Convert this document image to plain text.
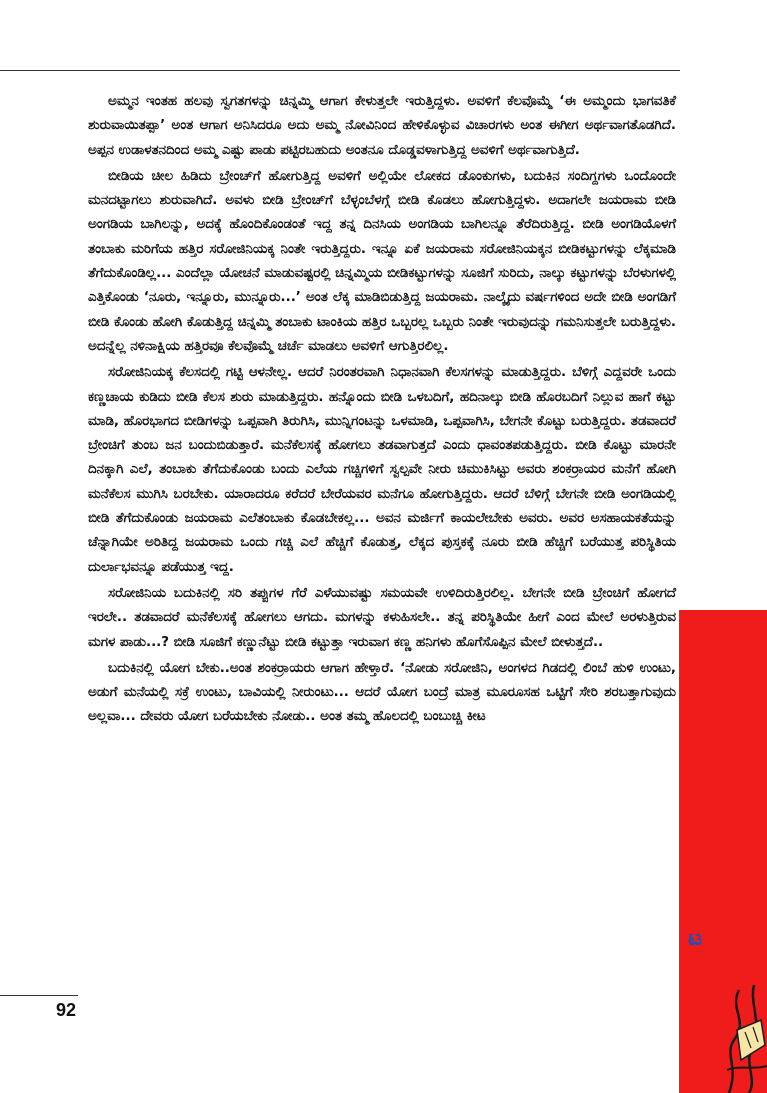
ಅಮ್ಮನ ಇಂತಹ ಹಲವು ಸ್ವಗತಗಳನ್ನು ಚಿನ್ನಮ್ಮಿ ಆಗಾಗ ಕೇಳುತ್ತಲೇ ಇರುತ್ತಿದ್ದಳು. ಅವಳಿಗೆ ಕೆಲವೊಮ್ಮೆ ‘ಈ ಅಮ್ಮಂದು ಭಾಗವತಿಕೆ ಶುರುವಾಯಿತಪ್ಪಾ’ ಅಂತ ಆಗಾಗ ಅನಿಸಿದರೂ ಅದು ಅಮ್ಮ ನೋವಿನಿಂದ ಹೇಳಿಕೊಳ್ಳುವ ವಿಚಾರಗಳು ಅಂತ ಈಗೀಗ ಅರ್ಥವಾಗತೊಡಗಿದೆ. ಅಪ್ಪನ ಉಡಾಳತನದಿಂದ ಅಮ್ಮ ಎಷ್ಟು ಪಾಡು ಪಟ್ಟಿರಬಹುದು ಅಂತನೂ ದೊಡ್ಡವಳಾಗುತ್ತಿದ್ದ ಅವಳಿಗೆ ಅರ್ಥವಾಗುತ್ತಿದೆ.

ಬೀಡಿಯ ಚೀಲ ಹಿಡಿದು ಬ್ರೇಂಚ್‌ಗೆ ಹೋಗುತ್ತಿದ್ದ ಅವಳಿಗೆ ಅಲ್ಲಿಯೇ ಲೋಕದ ಡೊಂಕುಗಳು, ಬದುಕಿನ ಸಂದಿಗ್ದಗಳು ಒಂದೊಂದೇ ಮನದಟ್ಟಾಗಲು ಶುರುವಾಗಿದೆ. ಅವಳು ಬೀಡಿ ಬ್ರೇಂಚ್‌ಗೆ ಬೆಳ್ಳಂಬೆಳಗ್ಗೆ ಬೀಡಿ ಕೊಡಲು ಹೋಗುತ್ತಿದ್ದಳು. ಅದಾಗಲೇ ಜಯರಾಮ ಬೀಡಿ ಅಂಗಡಿಯ ಬಾಗಿಲನ್ನು, ಅದಕ್ಕೆ ಹೊಂದಿಕೊಂಡಂತೆ ಇದ್ದ ತನ್ನ ದಿನಸಿಯ ಅಂಗಡಿಯ ಬಾಗಿಲನ್ನೂ ತೆರೆದಿರುತ್ತಿದ್ದ. ಬೀಡಿ ಅಂಗಡಿಯೊಳಗೆ ತಂಬಾಕು ಮರಿಗೆಯ ಹತ್ತಿರ ಸರೋಜಿನಿಯಕ್ಕ ನಿಂತೇ ಇರುತ್ತಿದ್ದರು. ಇನ್ನೂ ಏಕೆ ಜಯರಾಮ ಸರೋಜಿನಿಯಕ್ಕನ ಬೀಡಿಕಟ್ಟುಗಳನ್ನು ಲೆಕ್ಕಮಾಡಿ ತೆಗೆದುಕೊಂಡಿಲ್ಲ... ಎಂದೆಲ್ಲಾ ಯೋಚನೆ ಮಾಡುವಷ್ಟರಲ್ಲಿ ಚಿನ್ನಮ್ಮಿಯ ಬೀಡಿಕಟ್ಟುಗಳನ್ನು ಸೂಜಿಗೆ ಸುರಿದು, ನಾಲ್ಕು ಕಟ್ಟುಗಳನ್ನು ಬೆರಳುಗಳಲ್ಲಿ ಎತ್ತಿಕೊಂಡು ‘ನೂರು, ಇನ್ನೂರು, ಮುನ್ನೂರು...’ ಅಂತ ಲೆಕ್ಕ ಮಾಡಿಬಿಡುತ್ತಿದ್ದ ಜಯರಾಮ. ನಾಲ್ಕೈದು ವರ್ಷಗಳಿಂದ ಅದೇ ಬೀಡಿ ಅಂಗಡಿಗೆ ಬೀಡಿ ಕೊಂಡು ಹೋಗಿ ಕೊಡುತ್ತಿದ್ದ ಚಿನ್ನಮ್ಮಿ ತಂಬಾಕು ಟಾಂಕಿಯ ಹತ್ತಿರ ಒಬ್ಬರಲ್ಲ ಒಬ್ಬರು ನಿಂತೇ ಇರುವುದನ್ನು ಗಮನಿಸುತ್ತಲೇ ಬರುತ್ತಿದ್ದಳು. ಅದನ್ನೆಲ್ಲ ನಳಿನಾಕ್ಷಿಯ ಹತ್ತಿರವೂ ಕೆಲವೊಮ್ಮೆ ಚರ್ಚೆ ಮಾಡಲು ಅವಳಿಗೆ ಆಗುತ್ತಿರಲಿಲ್ಲ.

ಸರೋಜಿನಿಯಕ್ಕ ಕೆಲಸದಲ್ಲಿ ಗಟ್ಟಿ ಆಳನೇಲ್ಲ. ಆದರೆ ನಿರಂತರವಾಗಿ ನಿಧಾನವಾಗಿ ಕೆಲಸಗಳನ್ನು ಮಾಡುತ್ತಿದ್ದರು. ಬೆಳಿಗ್ಗೆ ಎದ್ದವರೇ ಒಂದು ಕಣ್ಣಚಾಯ ಕುಡಿದು ಬೀಡಿ ಕೆಲಸ ಶುರು ಮಾಡುತ್ತಿದ್ದರು. ಹನ್ನೊಂದು ಬೀಡಿ ಒಳಬದಿಗೆ, ಹದಿನಾಲ್ಕು ಬೀಡಿ ಹೊರಬದಿಗೆ ನಿಲ್ಲುವ ಹಾಗೆ ಕಟ್ಟು ಮಾಡಿ, ಹೊರಭಾಗದ ಬೀಡಿಗಳನ್ನು ಒಪ್ಪವಾಗಿ ತಿರುಗಿಸಿ, ಮುನ್ನಿಗಂಟನ್ನು ಒಳಮಾಡಿ, ಒಪ್ಪವಾಗಿಸಿ, ಬೇಗನೇ ಕೊಟ್ಟು ಬರುತ್ತಿದ್ದರು. ತಡವಾದರೆ ಬ್ರೇಂಚಿಗೆ ತುಂಬ ಜನ ಬಂದುಬಿಡುತ್ತಾರೆ. ಮನೆಕೆಲಸಕ್ಕೆ ಹೋಗಲು ತಡವಾಗುತ್ತದೆ ಎಂದು ಧಾವಂತಪಡುತ್ತಿದ್ದರು. ಬೀಡಿ ಕೊಟ್ಟು ಮಾರನೇ ದಿನಕ್ಕಾಗಿ ಎಲೆ, ತಂಬಾಕು ತೆಗೆದುಕೊಂಡು ಬಂದು ಎಲೆಯ ಗಚ್ಚಿಗಳಿಗೆ ಸ್ವಲ್ಪವೇ ನೀರು ಚಿಮುಕಿಸಿಟ್ಟು ಅವರು ಶಂಕರ್ರಾಯರ ಮನೆಗೆ ಹೋಗಿ ಮನೆಕೆಲಸ ಮುಗಿಸಿ ಬರಬೇಕು. ಯಾರಾದರೂ ಕರೆದರೆ ಬೇರೆಯವರ ಮನೆಗೂ ಹೋಗುತ್ತಿದ್ದರು. ಆದರೆ ಬೆಳಿಗ್ಗೆ ಬೇಗನೇ ಬೀಡಿ ಅಂಗಡಿಯಲ್ಲಿ ಬೀಡಿ ತೆಗೆದುಕೊಂಡು ಜಯರಾಮ ಎಲೆತಂಬಾಕು ಕೊಡಬೇಕಲ್ಲ... ಅವನ ಮರ್ಜಿಗೆ ಕಾಯಲೇಬೇಕು ಅವರು. ಅವರ ಅಸಹಾಯಕತೆಯನ್ನು ಚೆನ್ನಾಗಿಯೇ ಅರಿತಿದ್ದ ಜಯರಾಮ ಒಂದು ಗಚ್ಚಿ ಎಲೆ ಹೆಚ್ಚಿಗೆ ಕೊಡುತ್ತ, ಲೆಕ್ಕದ ಪುಸ್ತಕಕ್ಕೆ ನೂರು ಬೀಡಿ ಹೆಚ್ಚಿಗೆ ಬರೆಯುತ್ತ ಪರಿಸ್ಥಿತಿಯ ದುರ್ಲಾಭವನ್ನೂ ಪಡೆಯುತ್ತ ಇದ್ದ.

ಸರೋಜಿನಿಯ ಬದುಕಿನಲ್ಲಿ ಸರಿ ತಪ್ಪುಗಳ ಗೆರೆ ಎಳೆಯುವಷ್ಟು ಸಮಯವೇ ಉಳಿದಿರುತ್ತಿರಲಿಲ್ಲ. ಬೇಗನೇ ಬೀಡಿ ಬ್ರೇಂಚಿಗೆ ಹೋಗದೆ ಇರಲೇ.. ತಡವಾದರೆ ಮನೆಕೆಲಸಕ್ಕೆ ಹೋಗಲು ಆಗದು. ಮಗಳನ್ನು ಕಳುಹಿಸಲೇ.. ತನ್ನ ಪರಿಸ್ಥಿತಿಯೇ ಹೀಗೆ ಎಂದ ಮೇಲೆ ಅರಳುತ್ತಿರುವ ಮಗಳ ಪಾಡು...? ಬೀಡಿ ಸೂಜಿಗೆ ಕಣ್ಣುನೆಟ್ಟು ಬೀಡಿ ಕಟ್ಟುತ್ತಾ ಇರುವಾಗ ಕಣ್ಣ ಹನಿಗಳು ಹೊಗೆಸೊಪ್ಪಿನ ಮೇಲೆ ಬೀಳುತ್ತದೆ..

ಬದುಕಿನಲ್ಲಿ ಯೋಗ ಬೇಕು..ಅಂತ ಶಂಕರ್ರಾಯರು ಆಗಾಗ ಹೇಳ್ತಾರೆ. ‘ನೋಡು ಸರೋಜಿನಿ, ಅಂಗಳದ ಗಿಡದಲ್ಲಿ ಲಿಂಬೆ ಹುಳಿ ಉಂಟು, ಅಡುಗೆ ಮನೆಯಲ್ಲಿ ಸಕ್ರೆ ಉಂಟು, ಬಾವಿಯಲ್ಲಿ ನೀರುಂಟು... ಆದರೆ ಯೋಗ ಬಂದ್ರೆ ಮಾತ್ರ ಮೂರೂಸಹ ಒಟ್ಟಿಗೆ ಸೇರಿ ಶರಬತ್ತಾಗುವುದು ಅಲ್ಲವಾ... ದೇವರು ಯೋಗ ಬರೆಯಬೇಕು ನೋಡು.. ಅಂತ ತಮ್ಮ ಹೊಲದಲ್ಲಿ ಬಂಬುಚ್ಚಿ ಕೀಟ

ಟ
92
